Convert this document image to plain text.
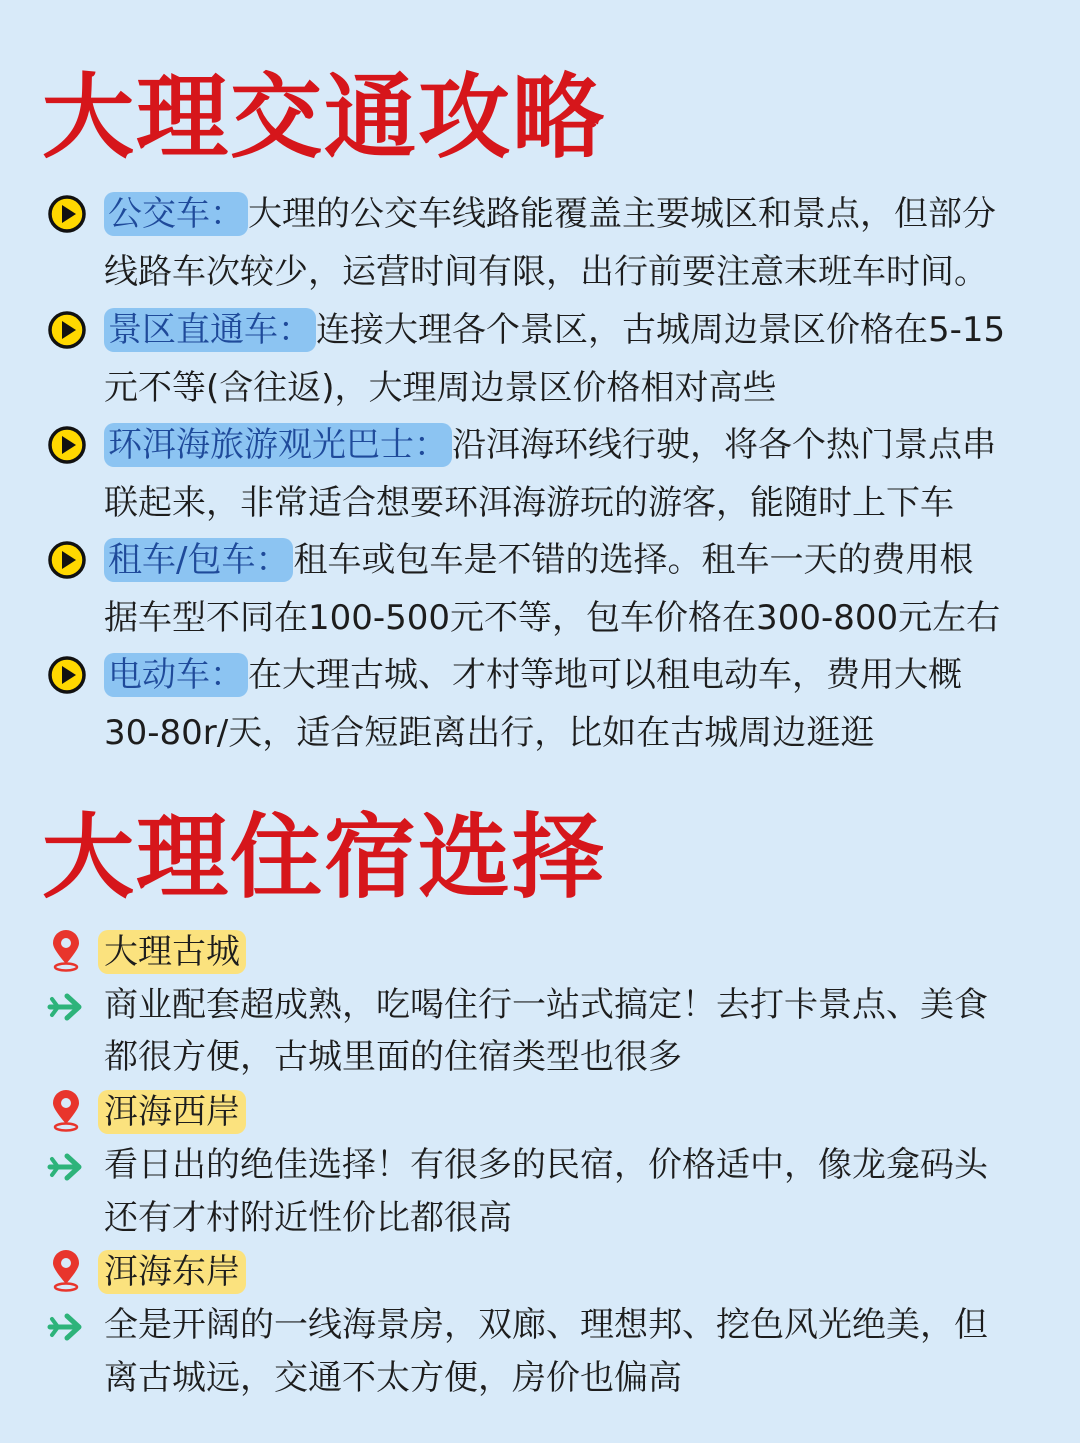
大理交通攻略
公交车： 大理的公交车线路能覆盖主要城区和景点，但部分
线路车次较少，运营时间有限，出行前要注意末班车时间。
景区直通车： 连接大理各个景区，古城周边景区价格在5-15
元不等(含往返)，大理周边景区价格相对高些
环洱海旅游观光巴士： 沿洱海环线行驶，将各个热门景点串
联起来，非常适合想要环洱海游玩的游客，能随时上下车
租车/包车： 租车或包车是不错的选择。租车一天的费用根
据车型不同在100-500元不等，包车价格在300-800元左右
电动车： 在大理古城、才村等地可以租电动车，费用大概
30-80r/天，适合短距离出行，比如在古城周边逛逛
大理住宿选择
大理古城
商业配套超成熟，吃喝住行一站式搞定！去打卡景点、美食
都很方便，古城里面的住宿类型也很多
洱海西岸
看日出的绝佳选择！有很多的民宿，价格适中，像龙龛码头
还有才村附近性价比都很高
洱海东岸
全是开阔的一线海景房，双廊、理想邦、挖色风光绝美，但
离古城远，交通不太方便，房价也偏高
